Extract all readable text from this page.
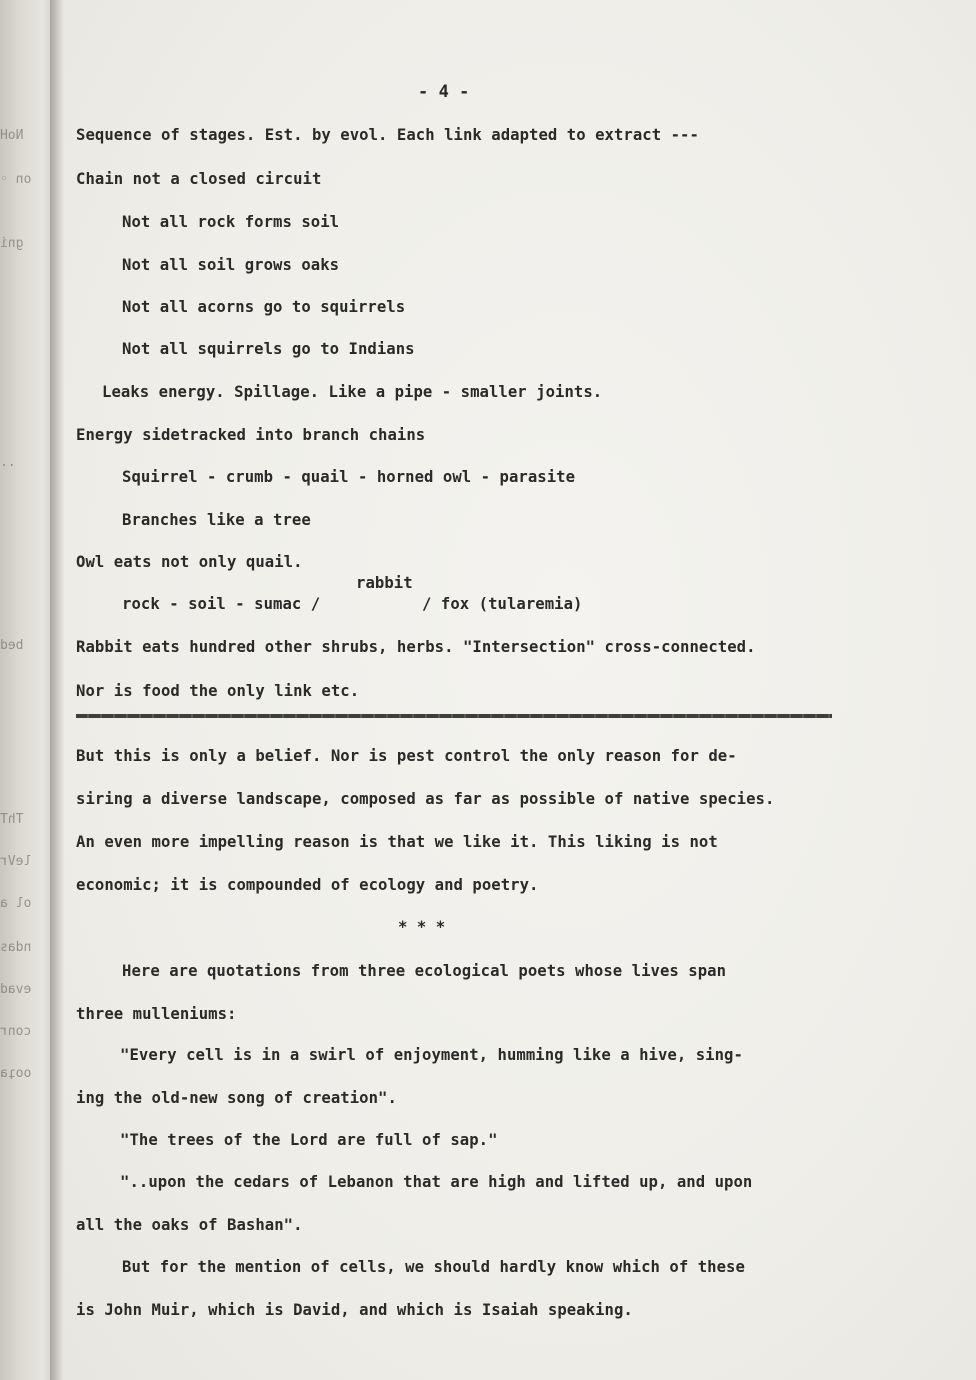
NoH
on ◦
gni
..
bed
ThT
leVr
ol a
ndas
evad
conr
ooʇa
- 4 -
Sequence of stages. Est. by evol. Each link adapted to extract ---
Chain not a closed circuit
Not all rock forms soil
Not all soil grows oaks
Not all acorns go to squirrels
Not all squirrels go to Indians
Leaks energy. Spillage. Like a pipe - smaller joints.
Energy sidetracked into branch chains
Squirrel - crumb - quail - horned owl - parasite
Branches like a tree
Owl eats not only quail.
rabbit
rock - soil - sumac /	/ fox (tularemia)
Rabbit eats hundred other shrubs, herbs. "Intersection" cross-connected.
Nor is food the only link etc.
But this is only a belief. Nor is pest control the only reason for de-
siring a diverse landscape, composed as far as possible of native species.
An even more impelling reason is that we like it. This liking is not
economic; it is compounded of ecology and poetry.
* * *
Here are quotations from three ecological poets whose lives span
three mulleniums:
"Every cell is in a swirl of enjoyment, humming like a hive, sing-
ing the old-new song of creation".
"The trees of the Lord are full of sap."
"..upon the cedars of Lebanon that are high and lifted up, and upon
all the oaks of Bashan".
But for the mention of cells, we should hardly know which of these
is John Muir, which is David, and which is Isaiah speaking.
